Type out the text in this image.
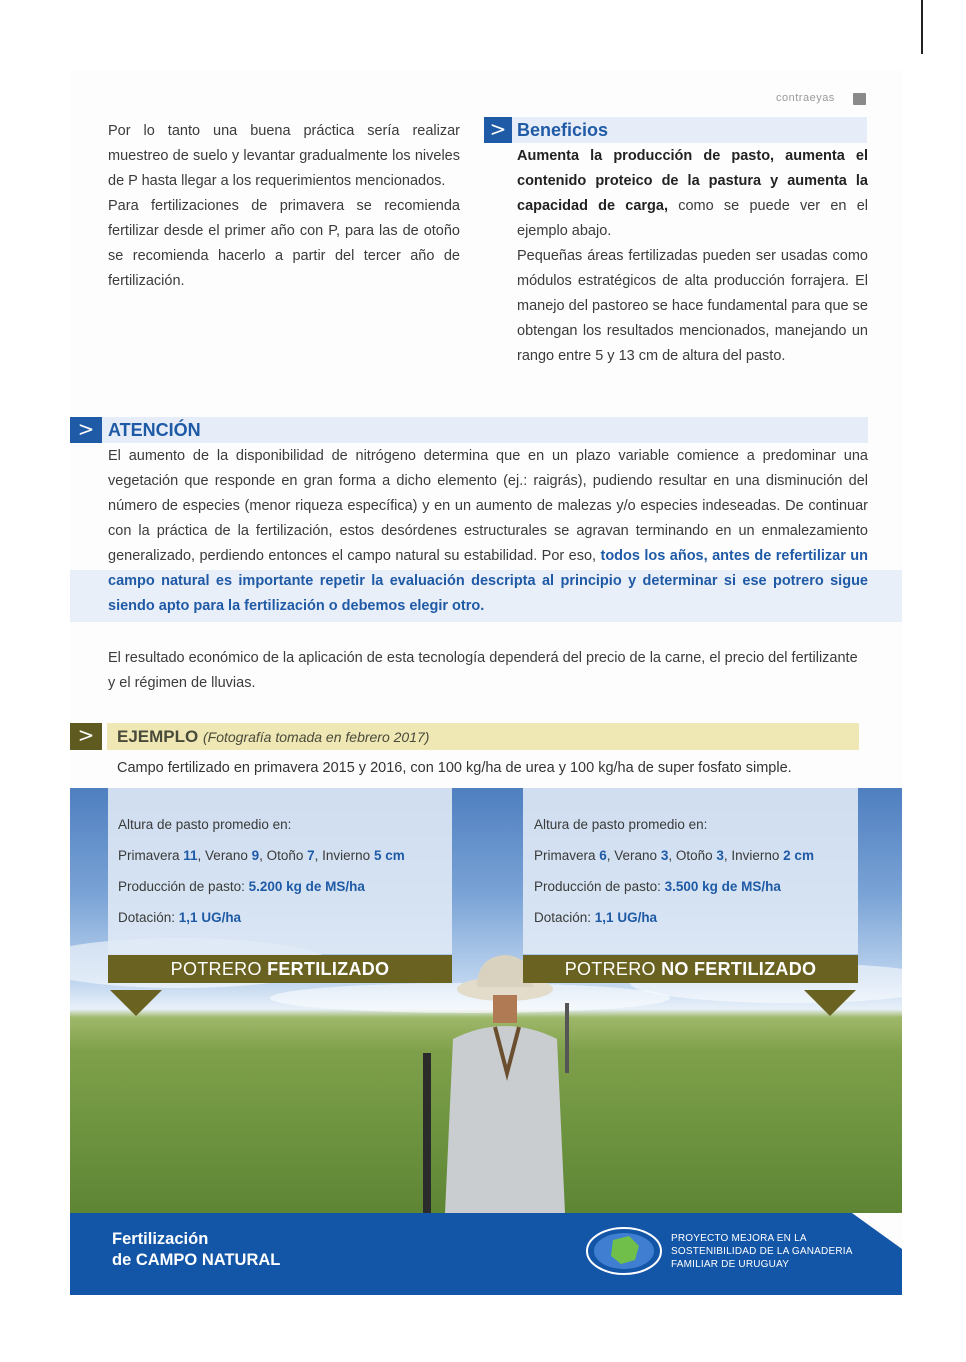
contraeyas

Por lo tanto una buena práctica sería realizar muestreo de suelo y levantar gradualmente los niveles de P hasta llegar a los requerimientos mencionados.

Para fertilizaciones de primavera se recomienda fertilizar desde el primer año con P, para las de otoño se recomienda hacerlo a partir del tercer año de fertilización.

> Beneficios

Aumenta la producción de pasto, aumenta el contenido proteico de la pastura y aumenta la capacidad de carga, como se puede ver en el ejemplo abajo.

Pequeñas áreas fertilizadas pueden ser usadas como módulos estratégicos de alta producción forrajera. El manejo del pastoreo se hace fundamental para que se obtengan los resultados mencionados, manejando un rango entre 5 y 13 cm de altura del pasto.

> ATENCIÓN

El aumento de la disponibilidad de nitrógeno determina que en un plazo variable comience a predominar una vegetación que responde en gran forma a dicho elemento (ej.: raigrás), pudiendo resultar en una disminución del número de especies (menor riqueza específica) y en un aumento de malezas y/o especies indeseadas. De continuar con la práctica de la fertilización, estos desórdenes estructurales se agravan terminando en un enmalezamiento generalizado, perdiendo entonces el campo natural su estabilidad. Por eso, todos los años, antes de refertilizar un campo natural es importante repetir la evaluación descripta al principio y determinar si ese potrero sigue siendo apto para la fertilización o debemos elegir otro.

El resultado económico de la aplicación de esta tecnología dependerá del precio de la carne, el precio del fertilizante y el régimen de lluvias.

>	EJEMPLO (Fotografía tomada en febrero 2017)
Campo fertilizado en primavera 2015 y 2016, con 100 kg/ha de urea y 100 kg/ha de super fosfato simple.
Altura de pasto promedio en:
Primavera 11, Verano 9, Otoño 7, Invierno 5 cm
Producción de pasto: 5.200 kg de MS/ha
Dotación: 1,1 UG/ha
POTRERO FERTILIZADO
Altura de pasto promedio en:
Primavera 6, Verano 3, Otoño 3, Invierno 2 cm
Producción de pasto: 3.500 kg de MS/ha
Dotación: 1,1 UG/ha
POTRERO NO FERTILIZADO
Fertilización
de CAMPO NATURAL
PROYECTO MEJORA EN LA
SOSTENIBILIDAD DE LA GANADERIA
FAMILIAR DE URUGUAY
